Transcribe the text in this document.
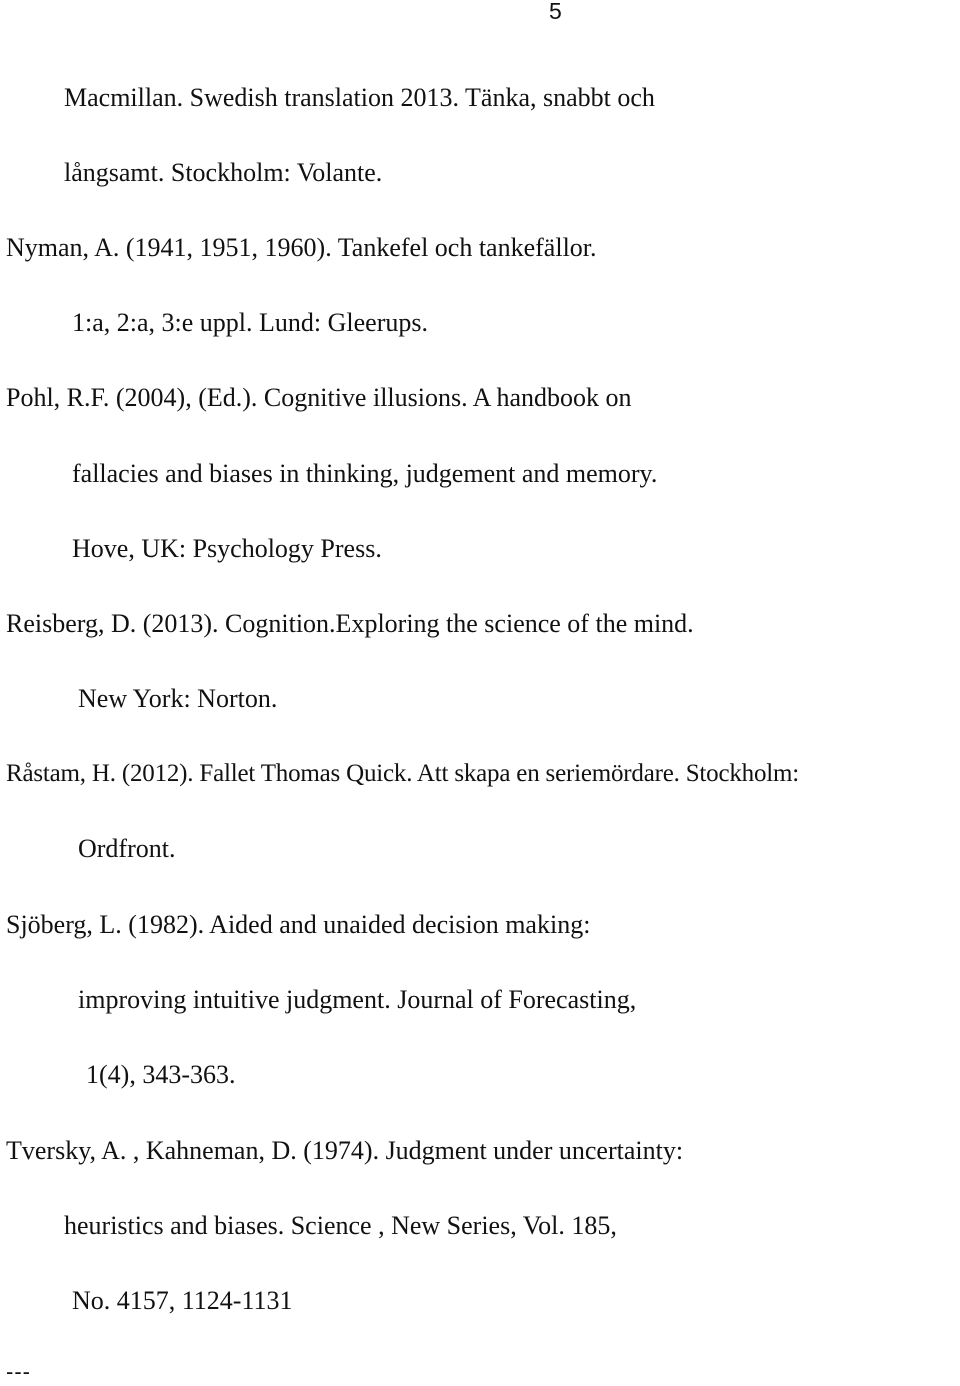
5
Macmillan. Swedish translation 2013. Tänka, snabbt och
långsamt. Stockholm: Volante.
Nyman, A. (1941, 1951, 1960). Tankefel och tankefällor.
1:a, 2:a, 3:e uppl. Lund: Gleerups.
Pohl, R.F. (2004), (Ed.). Cognitive illusions. A handbook on
fallacies and biases in thinking, judgement and memory.
Hove, UK: Psychology Press.
Reisberg, D. (2013). Cognition.Exploring the science of the mind.
New York: Norton.
Råstam, H. (2012). Fallet Thomas Quick. Att skapa en seriemördare. Stockholm:
Ordfront.
Sjöberg, L. (1982). Aided and unaided decision making:
improving intuitive judgment. Journal of Forecasting,
1(4), 343-363.
Tversky, A. , Kahneman, D. (1974). Judgment under uncertainty:
heuristics and biases. Science , New Series, Vol. 185,
No. 4157, 1124-1131
---
